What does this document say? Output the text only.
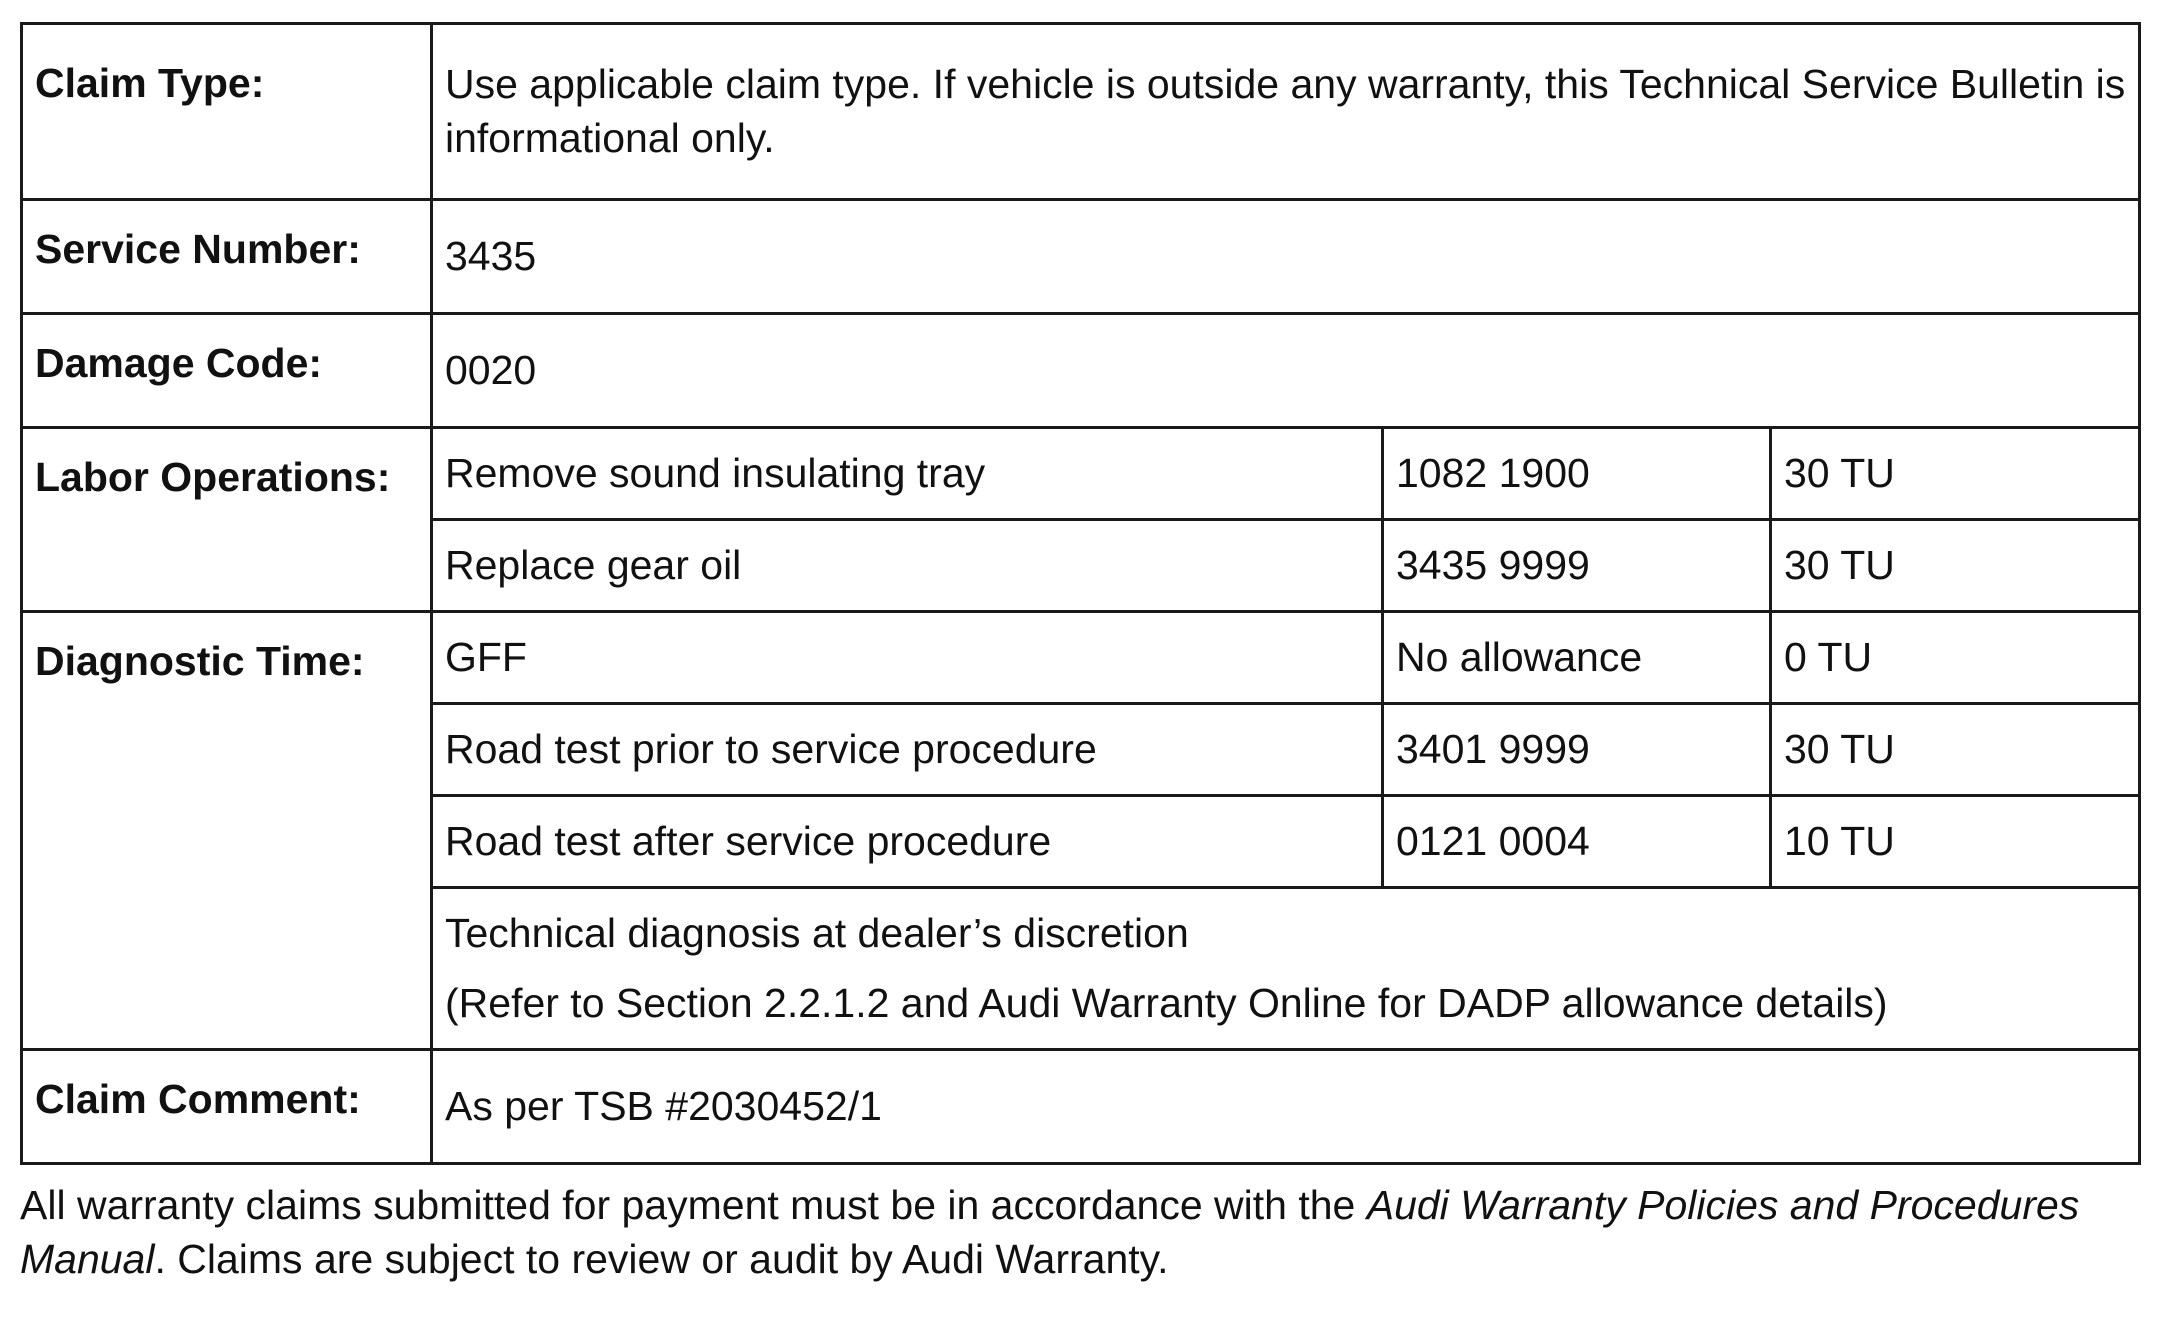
Claim Type:	Use applicable claim type. If vehicle is outside any warranty, this Technical Service Bulletin is informational only.		
Service Number:	3435		
Damage Code:	0020		
Labor Operations:	Remove sound insulating tray	1082 1900	30 TU
	Replace gear oil	3435 9999	30 TU
Diagnostic Time:	GFF	No allowance	0 TU
	Road test prior to service procedure	3401 9999	30 TU
	Road test after service procedure	0121 0004	10 TU

	Technical diagnosis at dealer’s discretion
(Refer to Section 2.2.1.2 and Audi Warranty Online for DADP allowance details)		

Claim Comment:	As per TSB #2030452/1		

All warranty claims submitted for payment must be in accordance with the Audi Warranty Policies and Procedures Manual. Claims are subject to review or audit by Audi Warranty.
